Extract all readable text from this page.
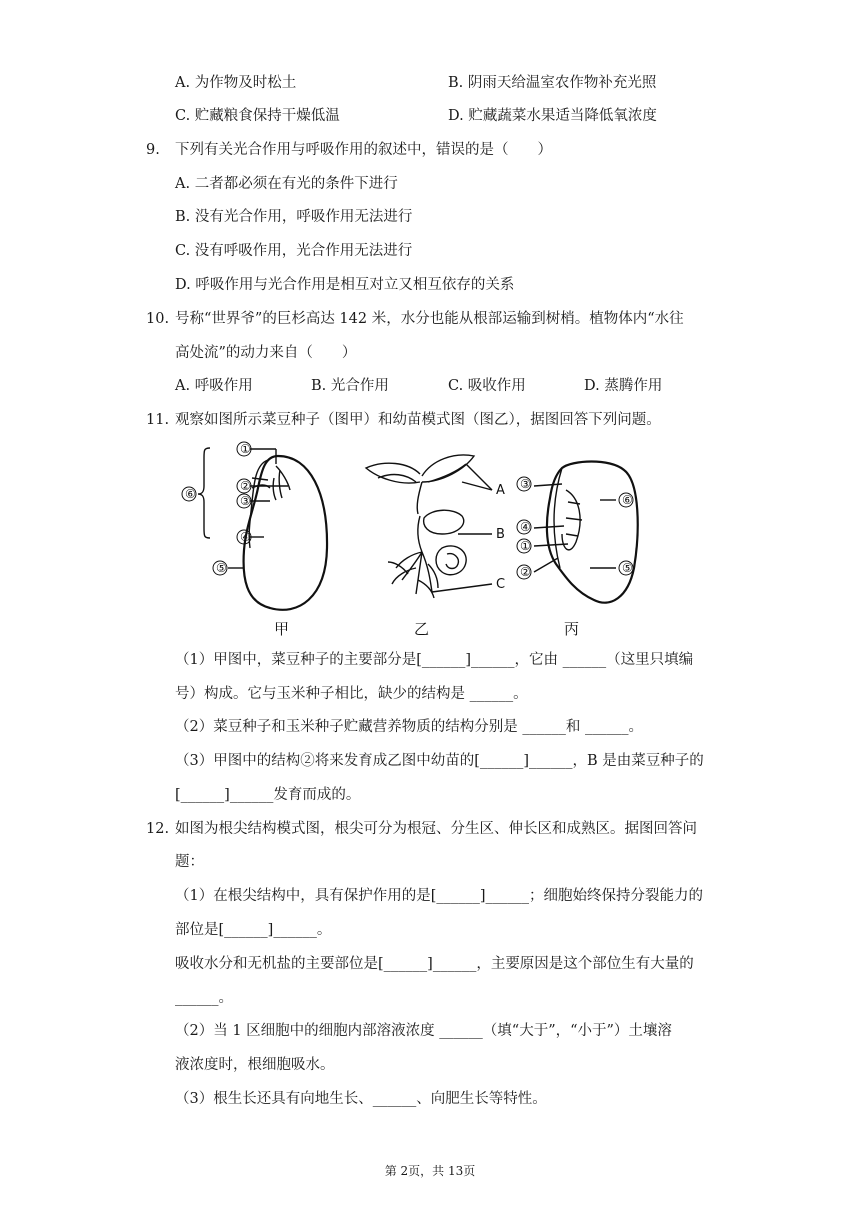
A. 为作物及时松土	B. 阴雨天给温室农作物补充光照
C. 贮藏粮食保持干燥低温	D. 贮藏蔬菜水果适当降低氧浓度
9. 下列有关光合作用与呼吸作用的叙述中，错误的是（　　）
A. 二者都必须在有光的条件下进行
B. 没有光合作用，呼吸作用无法进行
C. 没有呼吸作用，光合作用无法进行
D. 呼吸作用与光合作用是相互对立又相互依存的关系
10. 号称“世界爷”的巨杉高达 142 米，水分也能从根部运输到树梢。植物体内“水往
高处流”的动力来自（　　）
A. 呼吸作用	B. 光合作用	C. 吸收作用	D. 蒸腾作用
11. 观察如图所示菜豆种子（图甲）和幼苗模式图（图乙），据图回答下列问题。
①
②
③
④
⑤
⑥	A
B
C
③
④
①
②
⑥
⑤
甲	乙	丙
（1）甲图中，菜豆种子的主要部分是[______]______，它由 ______（这里只填编
号）构成。它与玉米种子相比，缺少的结构是 ______。
（2）菜豆种子和玉米种子贮藏营养物质的结构分别是 ______和 ______。
（3）甲图中的结构②将来发育成乙图中幼苗的[______]______，B 是由菜豆种子的
[______]______发育而成的。
12. 如图为根尖结构模式图，根尖可分为根冠、分生区、伸长区和成熟区。据图回答问
题：
（1）在根尖结构中，具有保护作用的是[______]______；细胞始终保持分裂能力的
部位是[______]______。
吸收水分和无机盐的主要部位是[______]______，主要原因是这个部位生有大量的
______。
（2）当 1 区细胞中的细胞内部溶液浓度 ______（填“大于”，“小于”）土壤溶
液浓度时，根细胞吸水。
（3）根生长还具有向地生长、______、向肥生长等特性。
第 2页，共 13页
